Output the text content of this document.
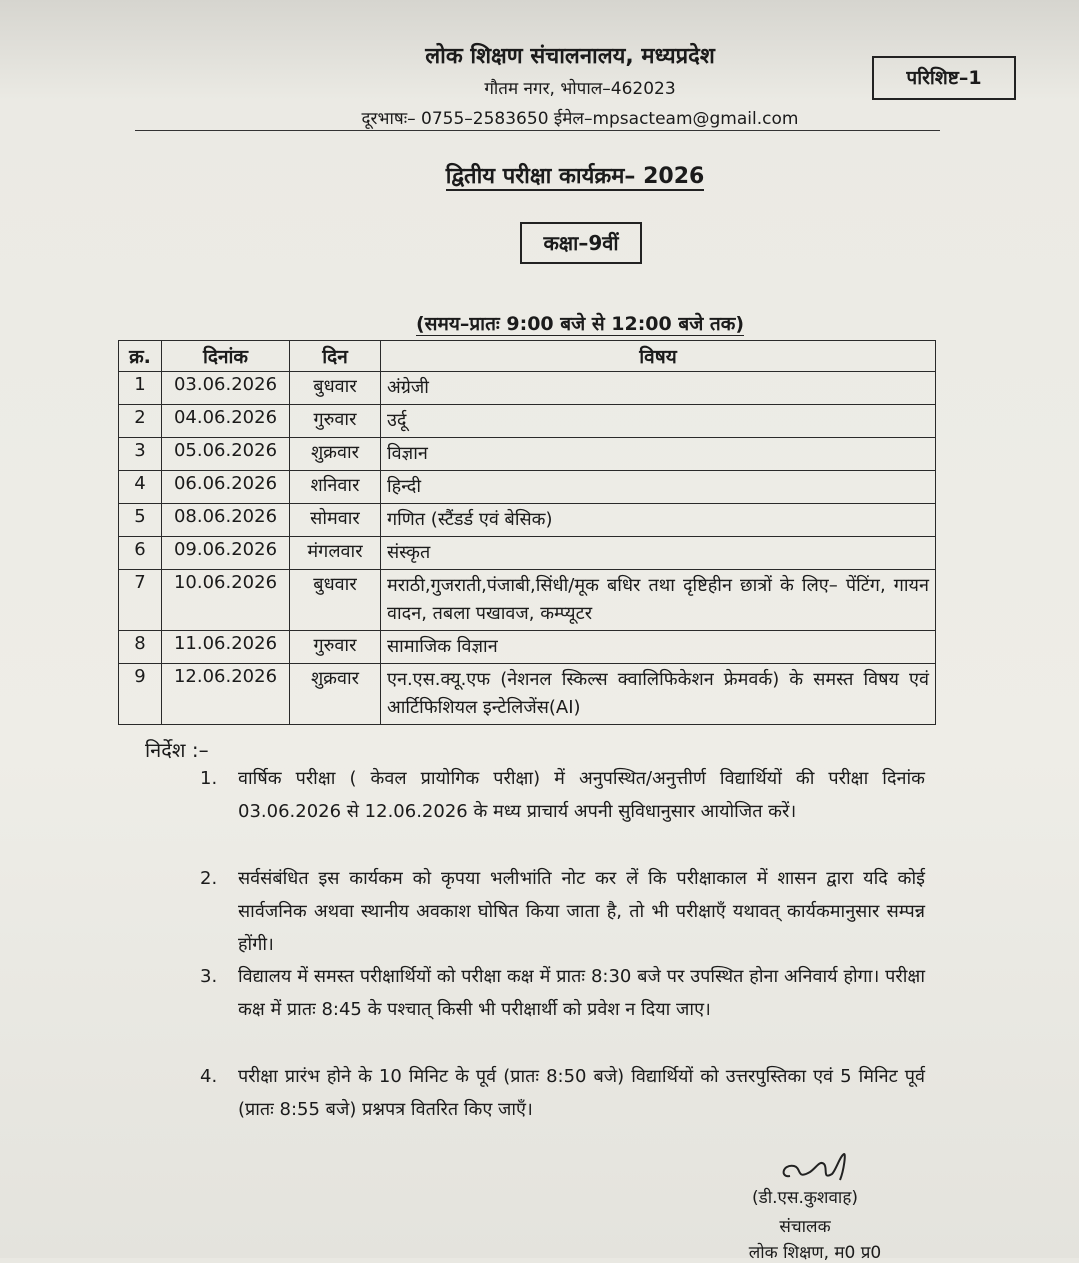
लोक शिक्षण संचालनालय, मध्यप्रदेश
गौतम नगर, भोपाल–462023
दूरभाषः– 0755–2583650 ईमेल–mpsacteam@gmail.com
परिशिष्ट–1
द्वितीय परीक्षा कार्यक्रम– 2026
कक्षा–9वीं
(समय–प्रातः 9:00 बजे से 12:00 बजे तक)
क्र.	दिनांक	दिन	विषय
1	03.06.2026	बुधवार	अंग्रेजी
2	04.06.2026	गुरुवार	उर्दू
3	05.06.2026	शुक्रवार	विज्ञान
4	06.06.2026	शनिवार	हिन्दी
5	08.06.2026	सोमवार	गणित (स्टैंडर्ड एवं बेसिक)
6	09.06.2026	मंगलवार	संस्कृत
7	10.06.2026	बुधवार	मराठी,गुजराती,पंजाबी,सिंधी/मूक बधिर तथा दृष्टिहीन छात्रों के लिए– पेंटिंग, गायन वादन, तबला पखावज, कम्प्यूटर
8	11.06.2026	गुरुवार	सामाजिक विज्ञान
9	12.06.2026	शुक्रवार	एन.एस.क्यू.एफ (नेशनल स्किल्स क्वालिफिकेशन फ्रेमवर्क) के समस्त विषय एवं आर्टिफिशियल इन्टेलिजेंस(AI)
निर्देश :–
1.	वार्षिक परीक्षा ( केवल प्रायोगिक परीक्षा) में अनुपस्थित/अनुत्तीर्ण विद्यार्थियों की परीक्षा दिनांक 03.06.2026 से 12.06.2026 के मध्य प्राचार्य अपनी सुविधानुसार आयोजित करें।
2.	सर्वसंबंधित इस कार्यकम को कृपया भलीभांति नोट कर लें कि परीक्षाकाल में शासन द्वारा यदि कोई सार्वजनिक अथवा स्थानीय अवकाश घोषित किया जाता है, तो भी परीक्षाएँ यथावत् कार्यकमानुसार सम्पन्न होंगी।
3.	विद्यालय में समस्त परीक्षार्थियों को परीक्षा कक्ष में प्रातः 8:30 बजे पर उपस्थित होना अनिवार्य होगा। परीक्षा कक्ष में प्रातः 8:45 के पश्चात् किसी भी परीक्षार्थी को प्रवेश न दिया जाए।
4.	परीक्षा प्रारंभ होने के 10 मिनिट के पूर्व (प्रातः 8:50 बजे) विद्यार्थियों को उत्तरपुस्तिका एवं 5 मिनिट पूर्व (प्रातः 8:55 बजे) प्रश्नपत्र वितरित किए जाएँ।
(डी.एस.कुशवाह)
संचालक
लोक शिक्षण, म0 प्र0
